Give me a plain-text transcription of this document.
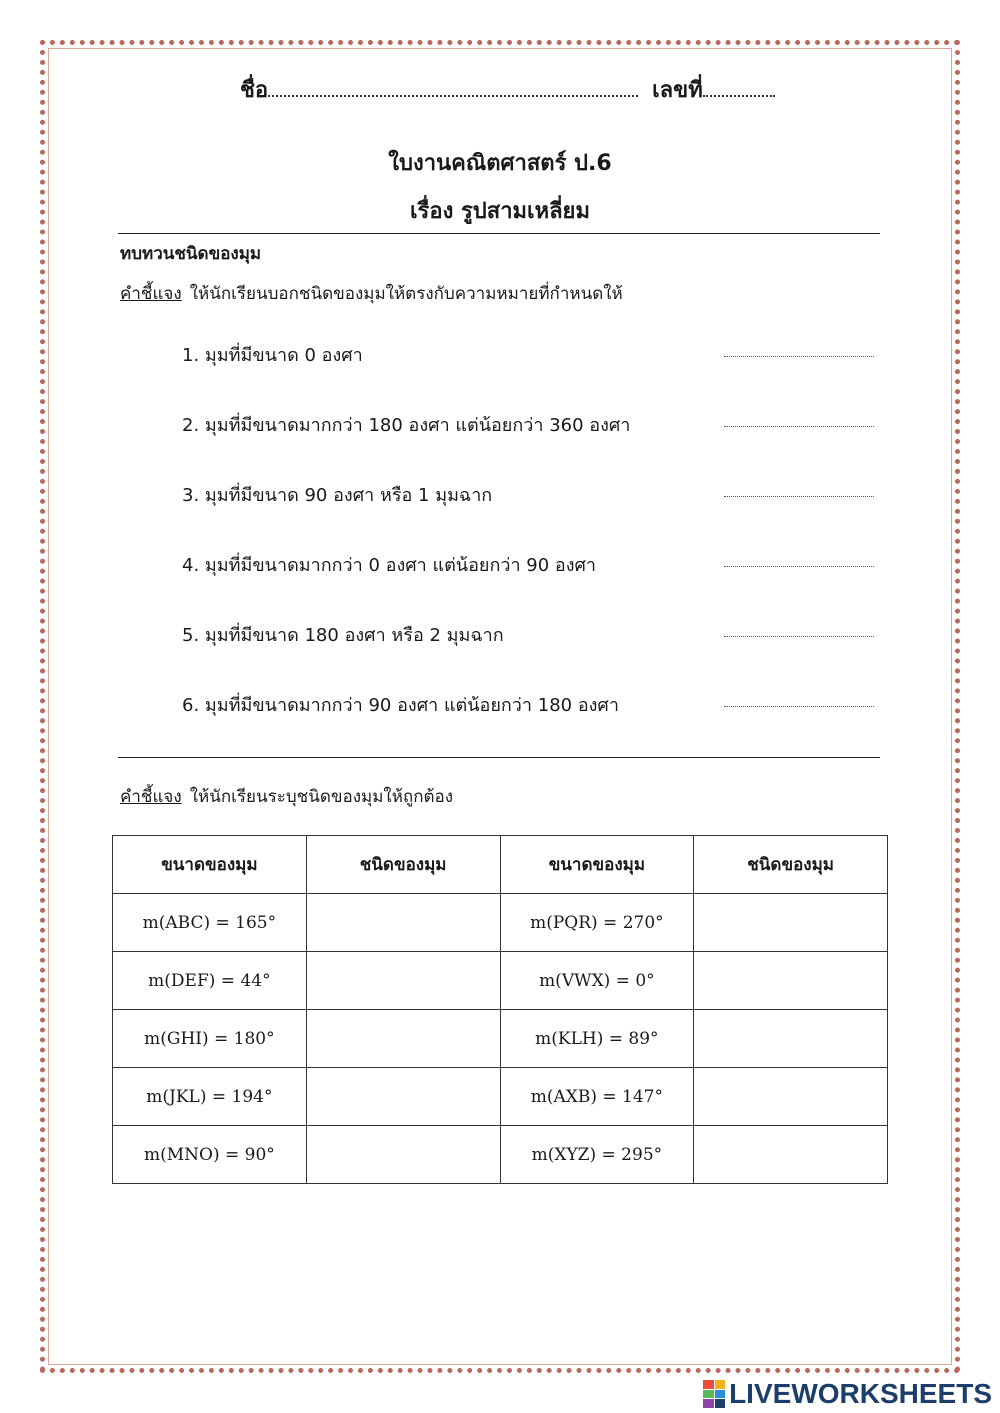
ชื่อ	เลขที่
ใบงานคณิตศาสตร์ ป.6
เรื่อง รูปสามเหลี่ยม
ทบทวนชนิดของมุม
คำชี้แจง ให้นักเรียนบอกชนิดของมุมให้ตรงกับความหมายที่กำหนดให้
1. มุมที่มีขนาด 0 องศา
2. มุมที่มีขนาดมากกว่า 180 องศา แต่น้อยกว่า 360 องศา
3. มุมที่มีขนาด 90 องศา หรือ 1 มุมฉาก
4. มุมที่มีขนาดมากกว่า 0 องศา แต่น้อยกว่า 90 องศา
5. มุมที่มีขนาด 180 องศา หรือ 2 มุมฉาก
6. มุมที่มีขนาดมากกว่า 90 องศา แต่น้อยกว่า 180 องศา
คำชี้แจง ให้นักเรียนระบุชนิดของมุมให้ถูกต้อง
ขนาดของมุม	ชนิดของมุม	ขนาดของมุม	ชนิดของมุม
m(ABC) = 165°		m(PQR) = 270°	
m(DEF) = 44°		m(VWX) = 0°	
m(GHI) = 180°		m(KLH) = 89°	
m(JKL) = 194°		m(AXB) = 147°	
m(MNO) = 90°		m(XYZ) = 295°	
LIVEWORKSHEETS
